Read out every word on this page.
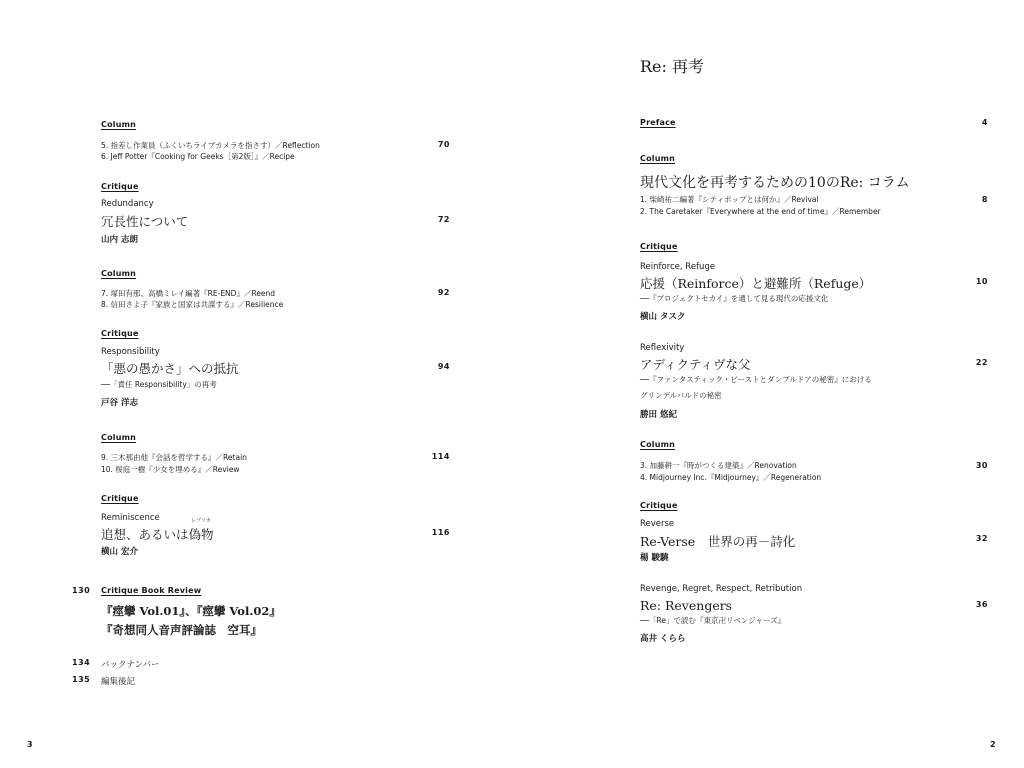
Re: 再考
Preface	4
Column
現代文化を再考するための10のRe: コラム
1. 柴崎祐二編著『シティポップとは何か』／Revival
2. The Caretaker『Everywhere at the end of time』／Remember
8
Critique
Reinforce, Refuge
応援（Reinforce）と避難所（Refuge）
──『プロジェクトセカイ』を通して見る現代の応援文化
横山 タスク
10
Reflexivity
アディクティヴな父
──『ファンタスティック・ビーストとダンブルドアの秘密』における
グリンデルバルドの秘密
勝田 悠紀
22
Column
3. 加藤耕一『時がつくる建築』／Renovation
4. Midjourney Inc.『Midjourney』／Regeneration
30
Critique
Reverse
Re-Verse　世界の再－詩化
楊 駿驍
32
Revenge, Regret, Respect, Retribution
Re: Revengers
──「Re」で読む『東京卍リベンジャーズ』
高井 くらら
36
2
Column
5. 指差し作業員（ふくいちライブカメラを指さす）／Reflection
6. Jeff Potter『Cooking for Geeks［第2版］』／Recipe
70
Critique
Redundancy
冗長性について
山内 志朗
72
Column
7. 塚田有那、高橋ミレイ編著『RE-END』／Reend
8. 信田さよ子『家族と国家は共謀する』／Resilience
92
Critique
Responsibility
「悪の愚かさ」への抵抗
──「責任 Responsibility」の再考
戸谷 洋志
94
Column
9. 三木那由他『会話を哲学する』／Retain
10. 桜庭一樹『少女を埋める』／Review
114
Critique
Reminiscence
追想、あるいは
レプリカ
偽物
横山 宏介
116
130 Critique Book Review
『痙攣 Vol.01』、『痙攣 Vol.02』
『奇想同人音声評論誌　空耳』
134 バックナンバー
135 編集後記
3
